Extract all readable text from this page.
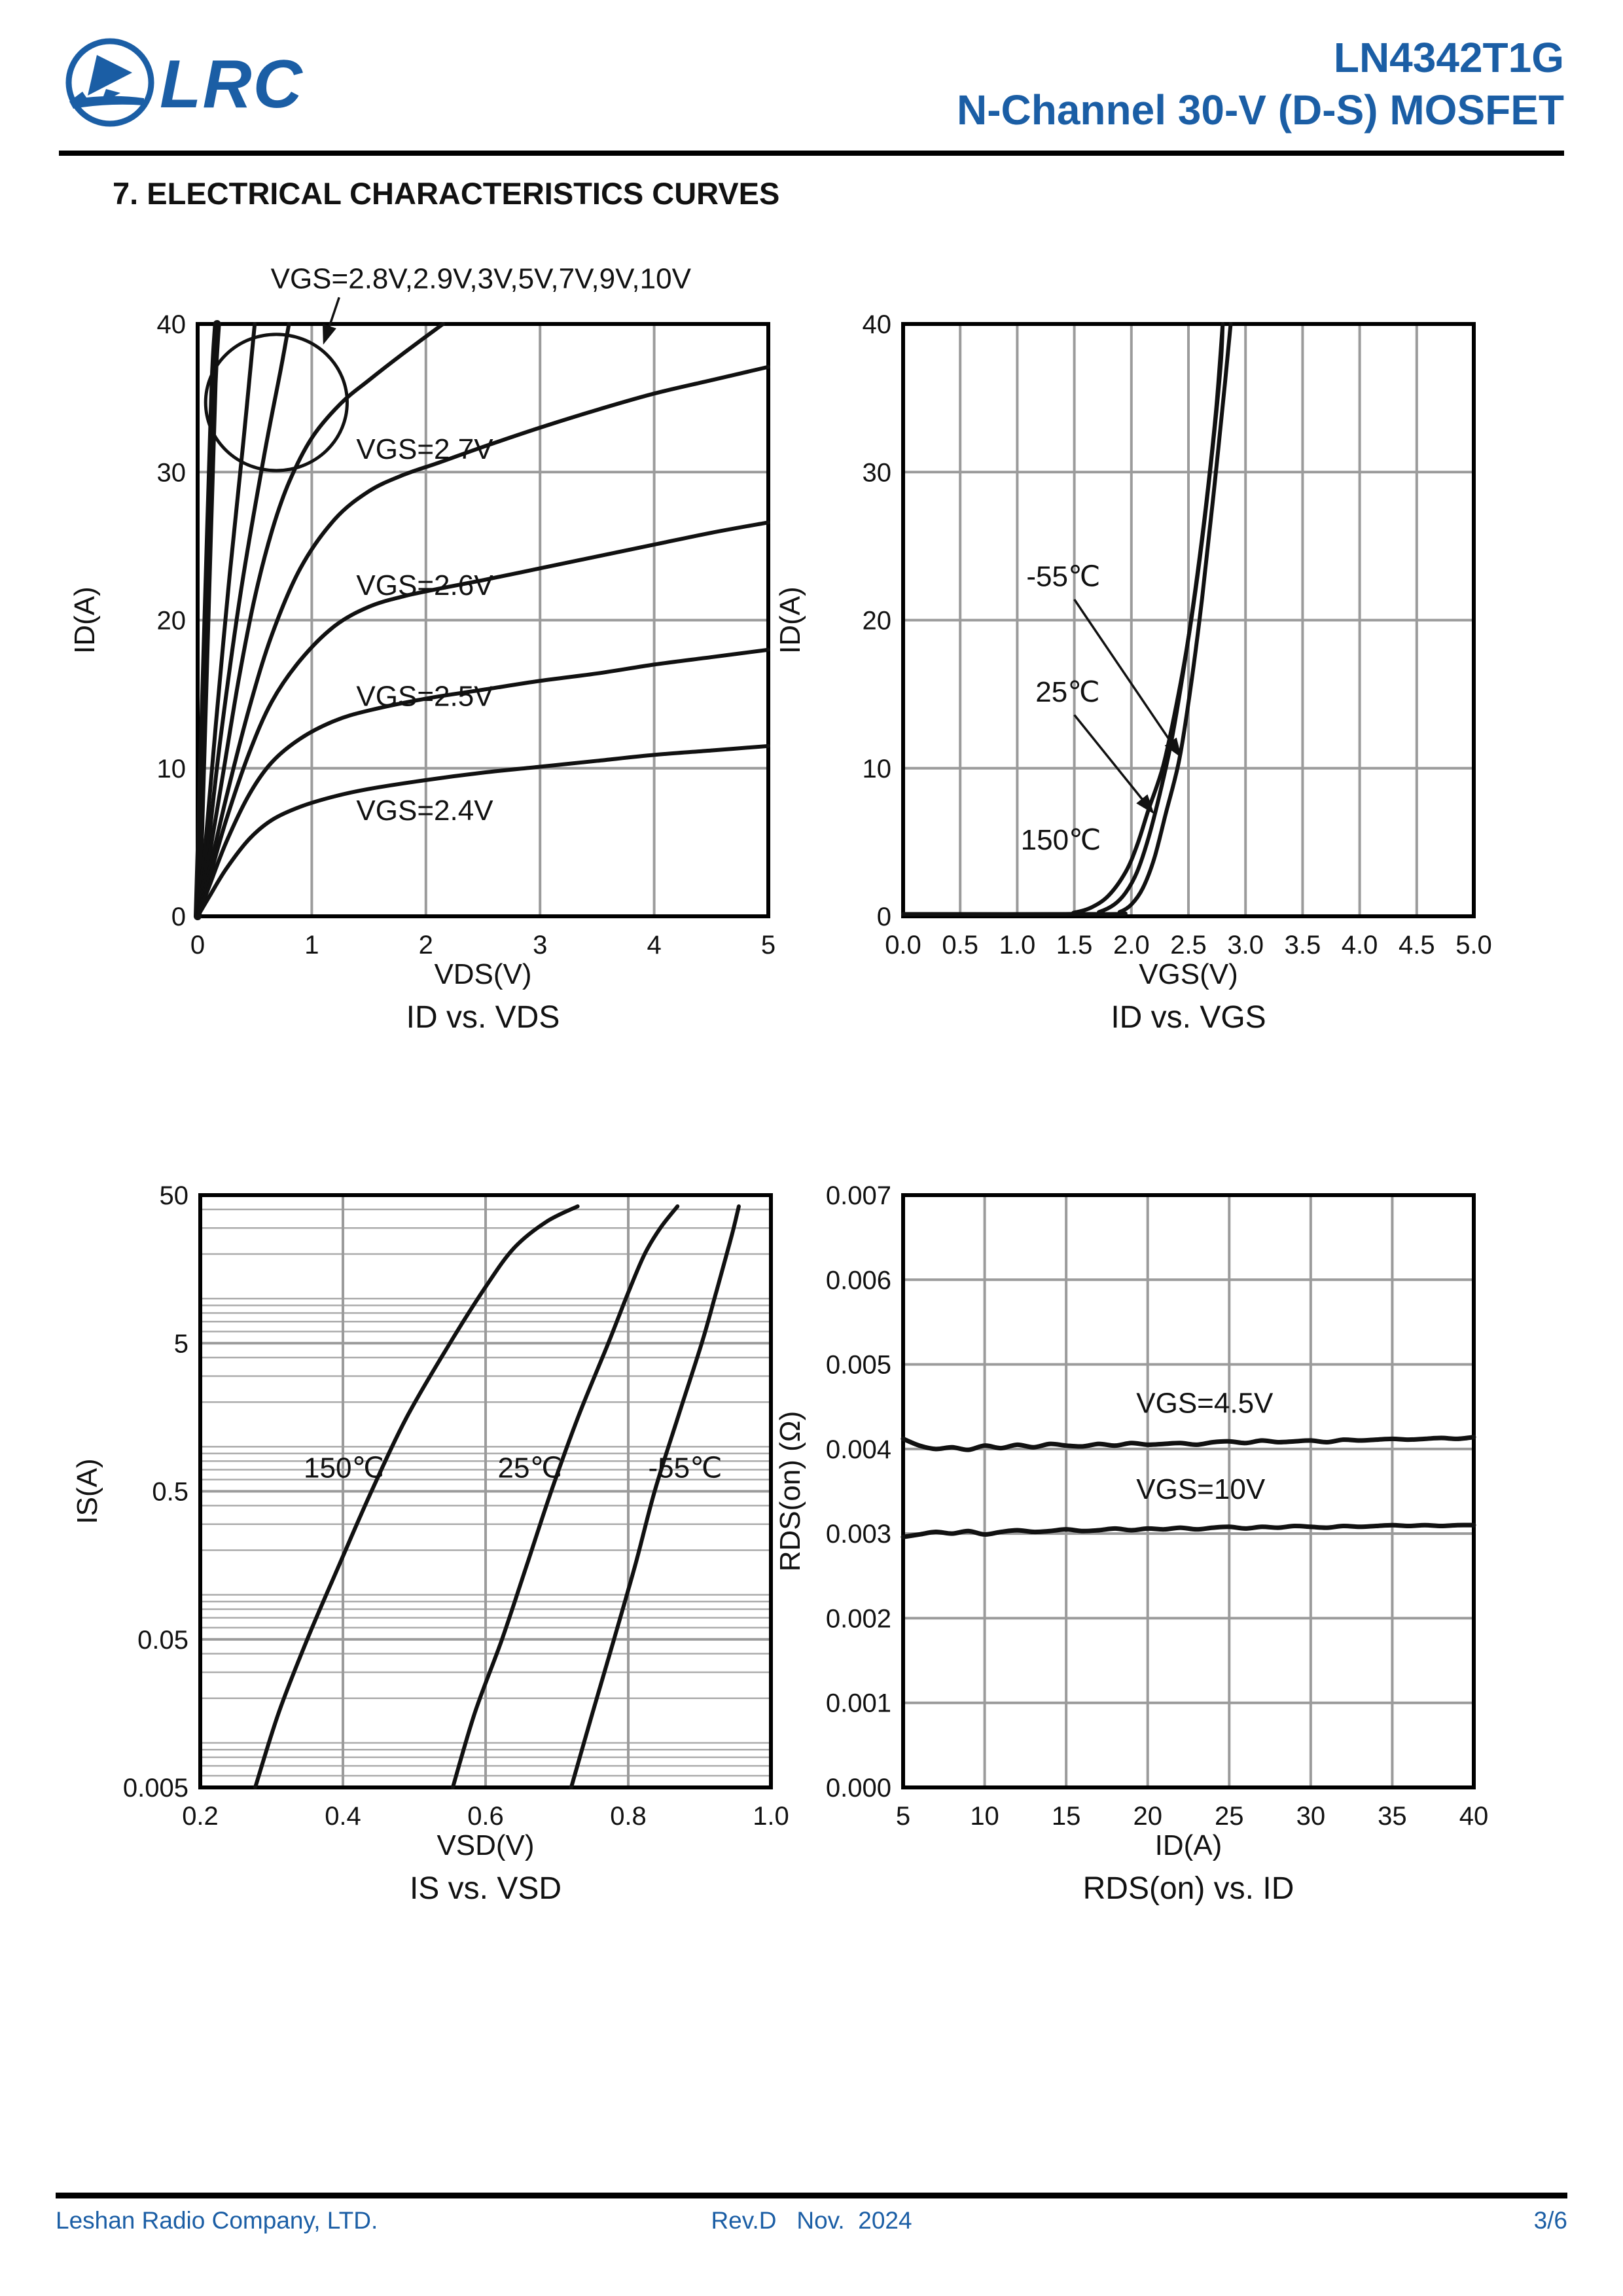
LRC	LN4342T1G
N-Channel 30-V (D-S) MOSFET
7. ELECTRICAL CHARACTERISTICS CURVES
VGS=2.8V,2.9V,3V,5V,7V,9V,10V
VGS=2.7V
VGS=2.6V
VGS=2.5V
VGS=2.4V
0	1	2	3	4	5
0
10
20
30
40
VDS(V)
ID(A)
ID vs. VDS
-55℃
25℃
150℃
0.0 0.5 1.0 1.5 2.0 2.5 3.0 3.5 4.0 4.5 5.0
0
10
20
30
40
VGS(V)
ID(A)
ID vs. VGS
150℃	25℃	-55℃
0.2	0.4	0.6	0.8	1.0
50
5
0.5
0.05
0.005
VSD(V)
IS(A)
IS vs. VSD
VGS=4.5V
VGS=10V
5 10 15 20 25 30 35 40
0.000
0.001
0.002
0.003
0.004
0.005
0.006
0.007
ID(A)
RDS(on) (Ω)
RDS(on) vs. ID
Leshan Radio Company, LTD.	Rev.D   Nov.  2024	3/6
